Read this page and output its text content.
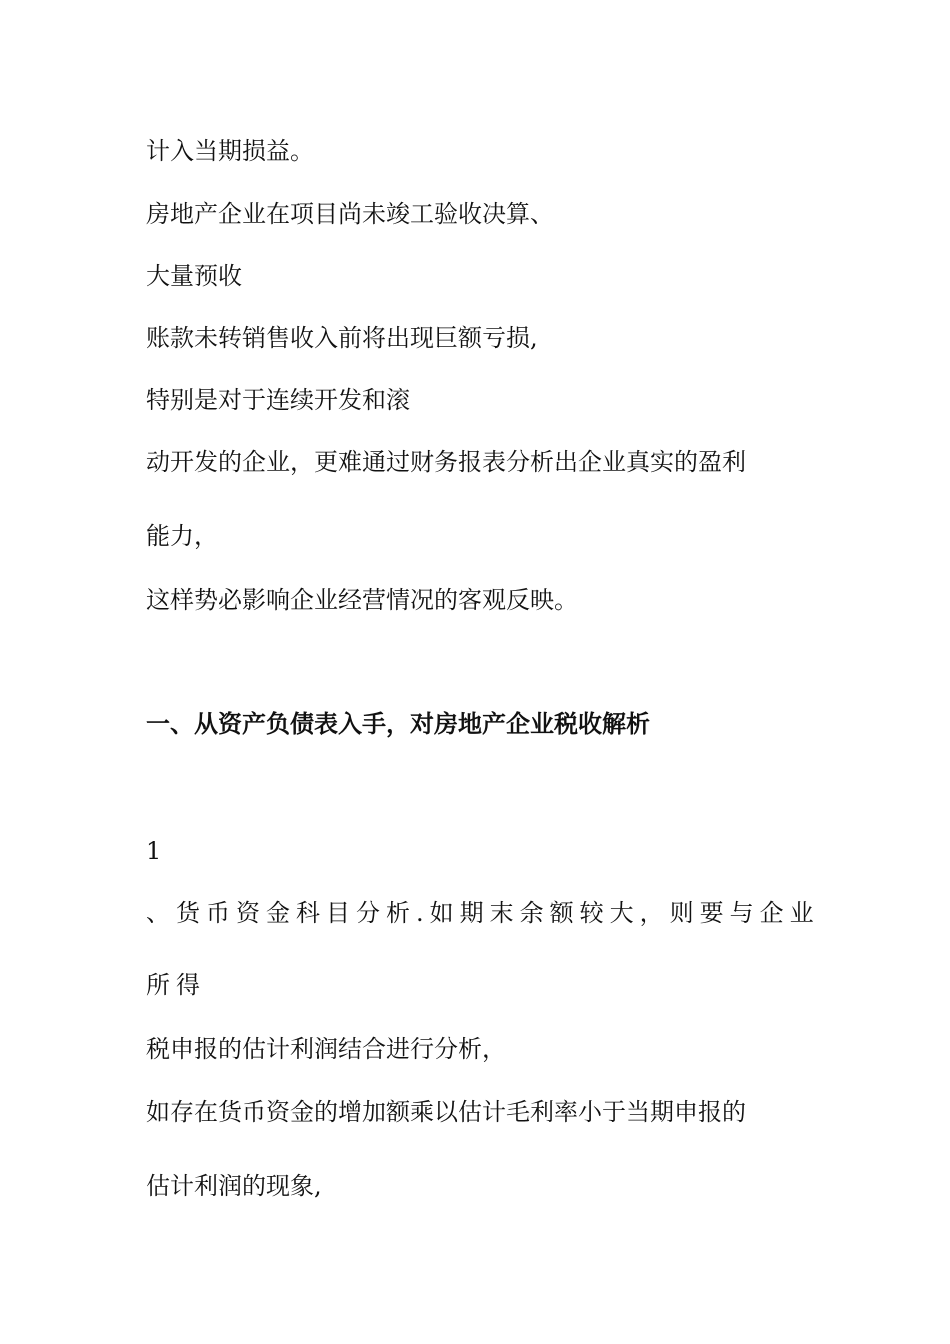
计入当期损益。
房地产企业在项目尚未竣工验收决算、
大量预收
账款未转销售收入前将出现巨额亏损,
特别是对于连续开发和滚
动开发的企业，更难通过财务报表分析出企业真实的盈利
能力，
这样势必影响企业经营情况的客观反映。
一、从资产负债表入手，对房地产企业税收解析
1
、货币资金科目分析.如期末余额较大，则要与企业
所得
税申报的估计利润结合进行分析，
如存在货币资金的增加额乘以估计毛利率小于当期申报的
估计利润的现象,
